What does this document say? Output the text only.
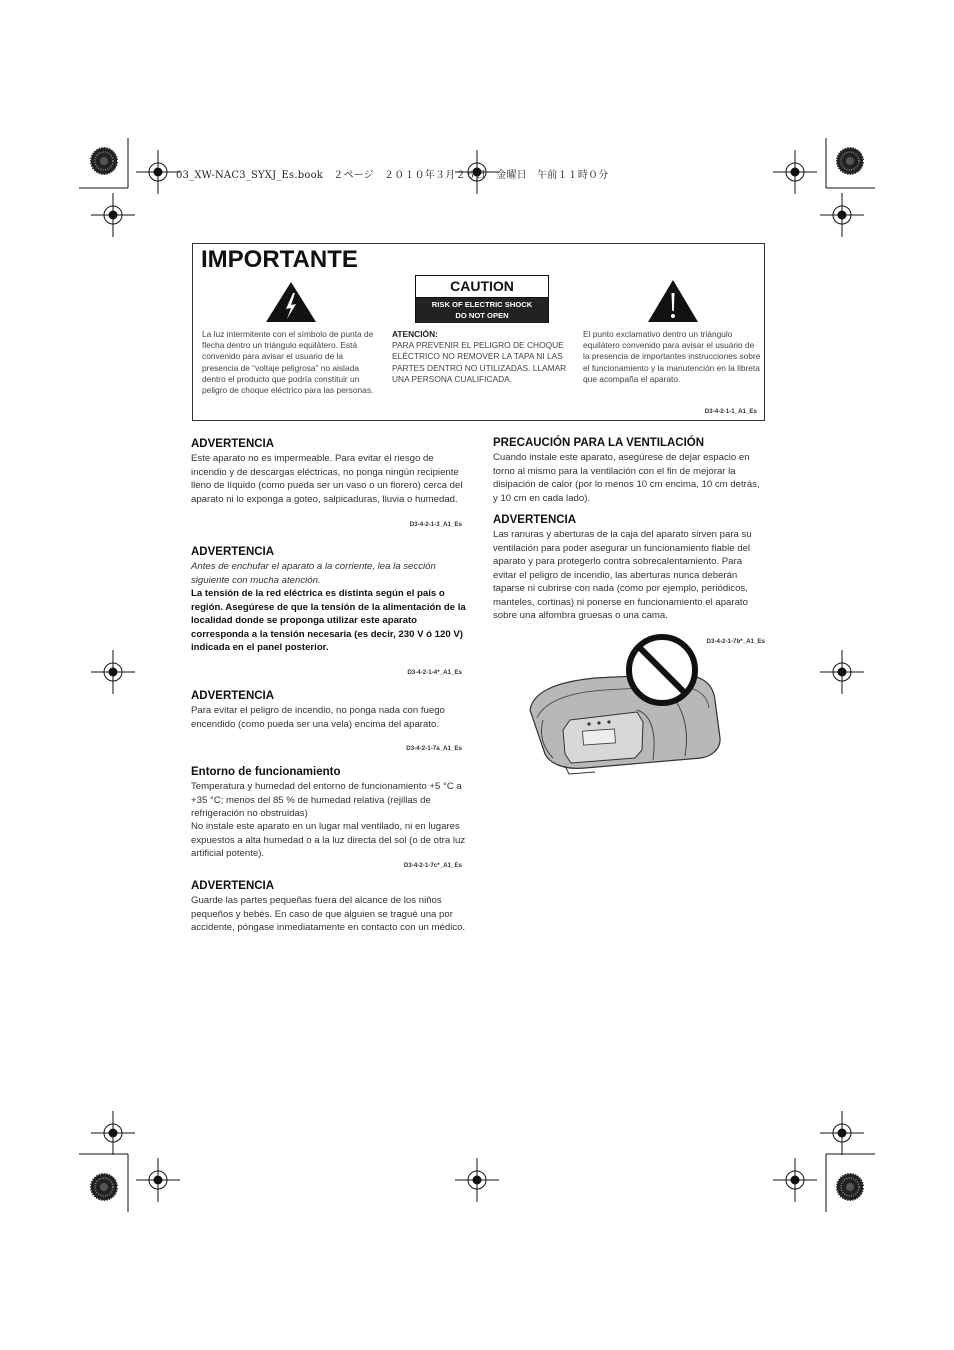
03_XW-NAC3_SYXJ_Es.book　２ページ　２０１０年３月２６日　金曜日　午前１１時０分
IMPORTANTE
CAUTION
RISK OF ELECTRIC SHOCK
DO NOT OPEN
La luz intermitente con el símbolo de punta de flecha dentro un triángulo equilátero. Está convenido para avisar el usuario de la presencia de “voltaje peligrosa” no aislada dentro el producto que podría constituir un peligro de choque eléctrico para las personas.
ATENCIÓN:
PARA PREVENIR EL PELIGRO DE CHOQUE ELÉCTRICO NO REMOVER LA TAPA NI LAS PARTES DENTRO NO UTILIZADAS. LLAMAR UNA PERSONA CUALIFICADA.
El punto exclamativo dentro un triángulo equilátero convenido para avisar el usuário de la presencia de importantes instrucciones sobre el funcionamiento y la manutención en la libreta que acompaña el aparato.
D3-4-2-1-1_A1_Es
ADVERTENCIA
Este aparato no es impermeable. Para evitar el riesgo de incendio y de descargas eléctricas, no ponga ningún recipiente lleno de líquido (como pueda ser un vaso o un florero) cerca del aparato ni lo exponga a goteo, salpicaduras, lluvia o humedad.
D3-4-2-1-3_A1_Es
ADVERTENCIA
Antes de enchufar el aparato a la corriente, lea la sección siguiente con mucha atención.
La tensión de la red eléctrica es distinta según el país o región. Asegúrese de que la tensión de la alimentación de la localidad donde se proponga utilizar este aparato corresponda a la tensión necesaria (es decir, 230 V ó 120 V) indicada en el panel posterior.
D3-4-2-1-4*_A1_Es
ADVERTENCIA
Para evitar el peligro de incendio, no ponga nada con fuego encendido (como pueda ser una vela) encima del aparato.
D3-4-2-1-7a_A1_Es
Entorno de funcionamiento
Temperatura y humedad del entorno de funcionamiento +5 °C a +35 °C; menos del 85 % de humedad relativa (rejillas de refrigeración no obstruidas)
No instale este aparato en un lugar mal ventilado, ni en lugares expuestos a alta humedad o a la luz directa del sol (o de otra luz artificial potente).
D3-4-2-1-7c*_A1_Es
ADVERTENCIA
Guarde las partes pequeñas fuera del alcance de los niños pequeños y bebés. En caso de que alguien se tragué una por accidente, póngase inmediatamente en contacto con un médico.
PRECAUCIÓN PARA LA VENTILACIÓN
Cuando instale este aparato, asegúrese de dejar espacio en torno al mismo para la ventilación con el fin de mejorar la disipación de calor (por lo menos 10 cm encima, 10 cm detrás, y 10 cm en cada lado).
ADVERTENCIA
Las ranuras y aberturas de la caja del aparato sirven para su ventilación para poder asegurar un funcionamiento fiable del aparato y para protegerlo contra sobrecalentamiento. Para evitar el peligro de incendio, las aberturas nunca deberán taparse ni cubrirse con nada (como por ejemplo, periódicos, manteles, cortinas) ni ponerse en funcionamiento el aparato sobre una alfombra gruesas o una cama.
D3-4-2-1-7b*_A1_Es
